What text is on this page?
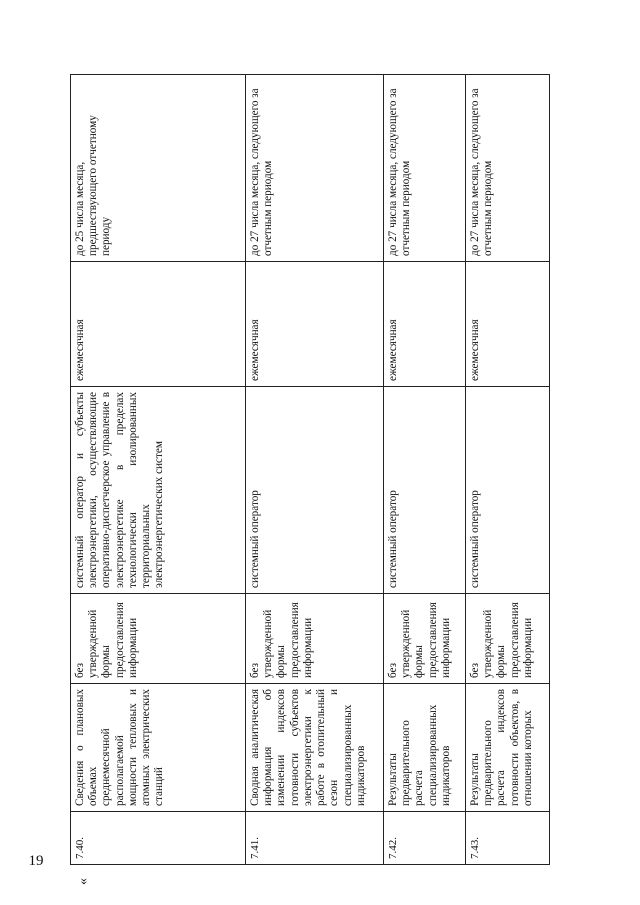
19
«
7.40.	Сведения о плановых объемах среднемесячной располагаемой мощности тепловых и атомных электрических станций	без утвержденной формы предоставления информации	системный оператор и субъекты электроэнергетики, осуществляющие оперативно-диспетчерское управление в электроэнергетике в пределах технологически изолированных территориальных электроэнергетических систем	ежемесячная	до 25 числа месяца, предшествующего отчетному периоду
7.41.	Сводная аналитическая информация об изменении индексов готовности субъектов электроэнергетики к работе в отопительный сезон и специализированных индикаторов	без утвержденной формы предоставления информации	системный оператор	ежемесячная	до 27 числа месяца, следующего за отчетным периодом
7.42.	Результаты предварительного расчета специализированных индикаторов	без утвержденной формы предоставления информации	системный оператор	ежемесячная	до 27 числа месяца, следующего за отчетным периодом
7.43.	Результаты предварительного расчета индексов готовности объектов, в отношении которых	без утвержденной формы предоставления информации	системный оператор	ежемесячная	до 27 числа месяца, следующего за отчетным периодом
